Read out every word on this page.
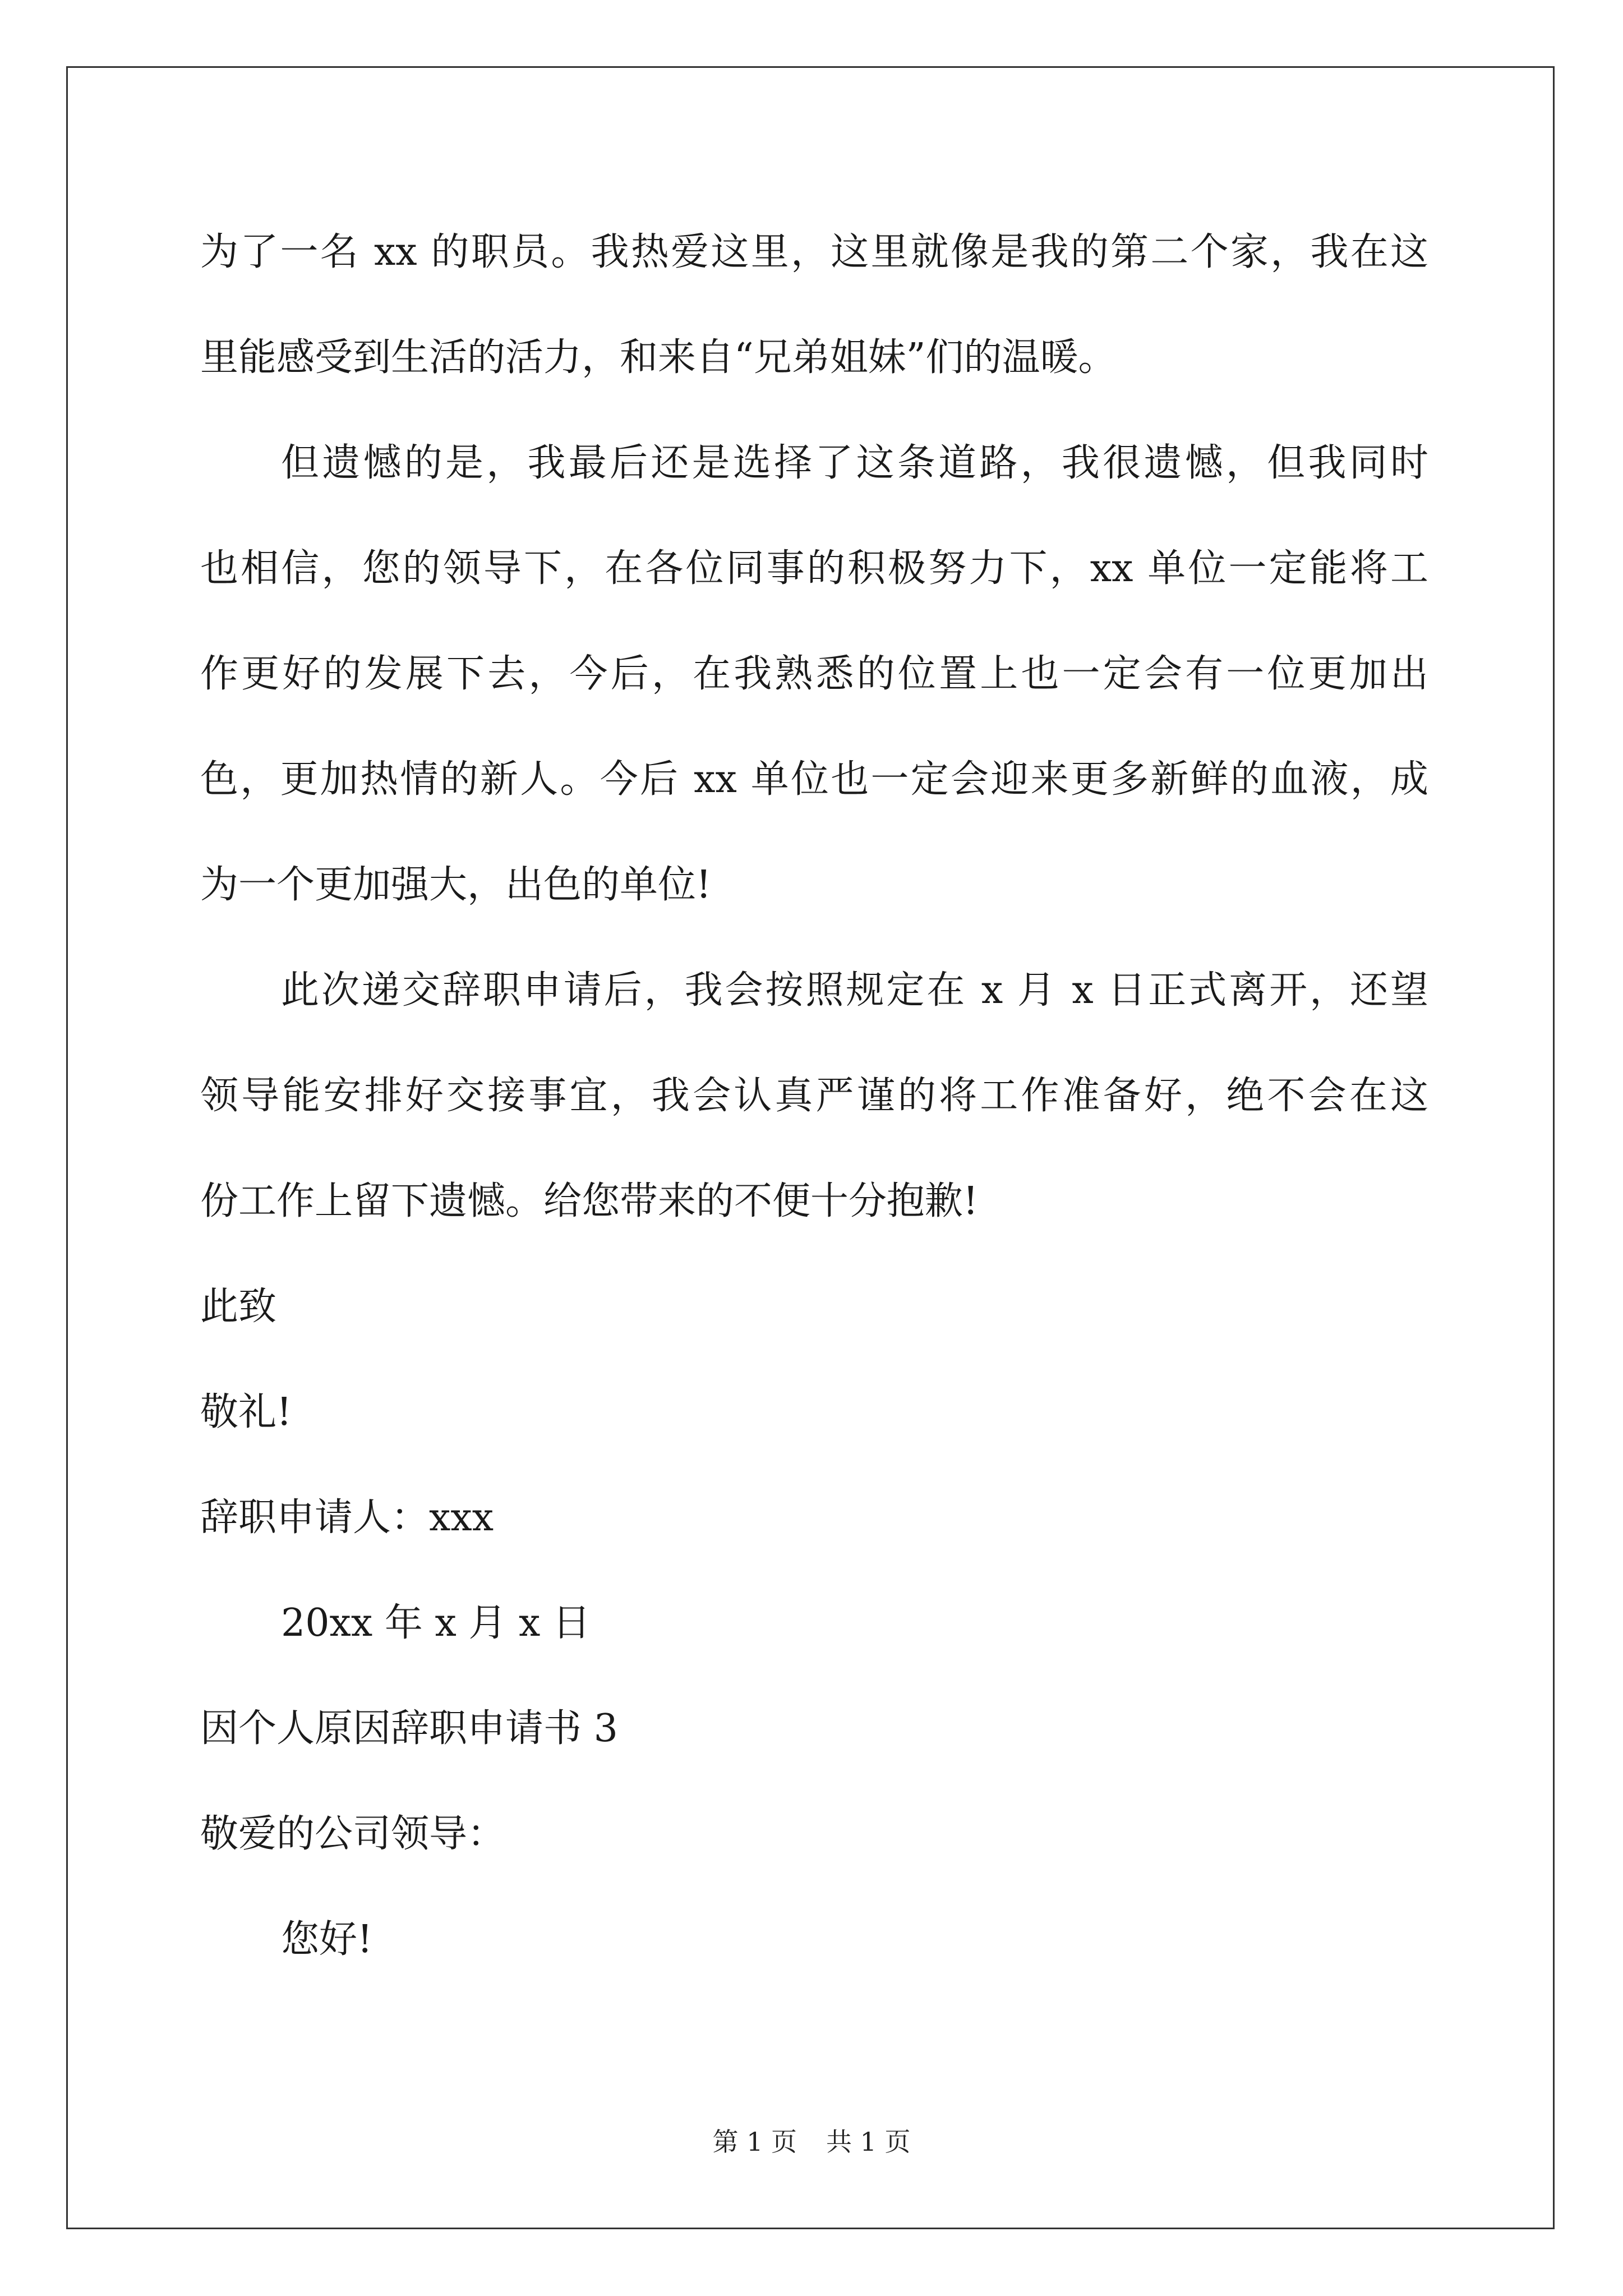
为了一名 xx 的职员。我热爱这里，这里就像是我的第二个家，我在这
里能感受到生活的活力，和来自“兄弟姐妹”们的温暖。
但遗憾的是，我最后还是选择了这条道路，我很遗憾，但我同时
也相信，您的领导下，在各位同事的积极努力下，xx 单位一定能将工
作更好的发展下去，今后，在我熟悉的位置上也一定会有一位更加出
色，更加热情的新人。今后 xx 单位也一定会迎来更多新鲜的血液，成
为一个更加强大，出色的单位!
此次递交辞职申请后，我会按照规定在 x 月 x 日正式离开，还望
领导能安排好交接事宜，我会认真严谨的将工作准备好，绝不会在这
份工作上留下遗憾。给您带来的不便十分抱歉!
此致
敬礼!
辞职申请人：xxx
20xx 年 x 月 x 日
因个人原因辞职申请书 3
敬爱的公司领导：
您好!
第 1 页 共 1 页
